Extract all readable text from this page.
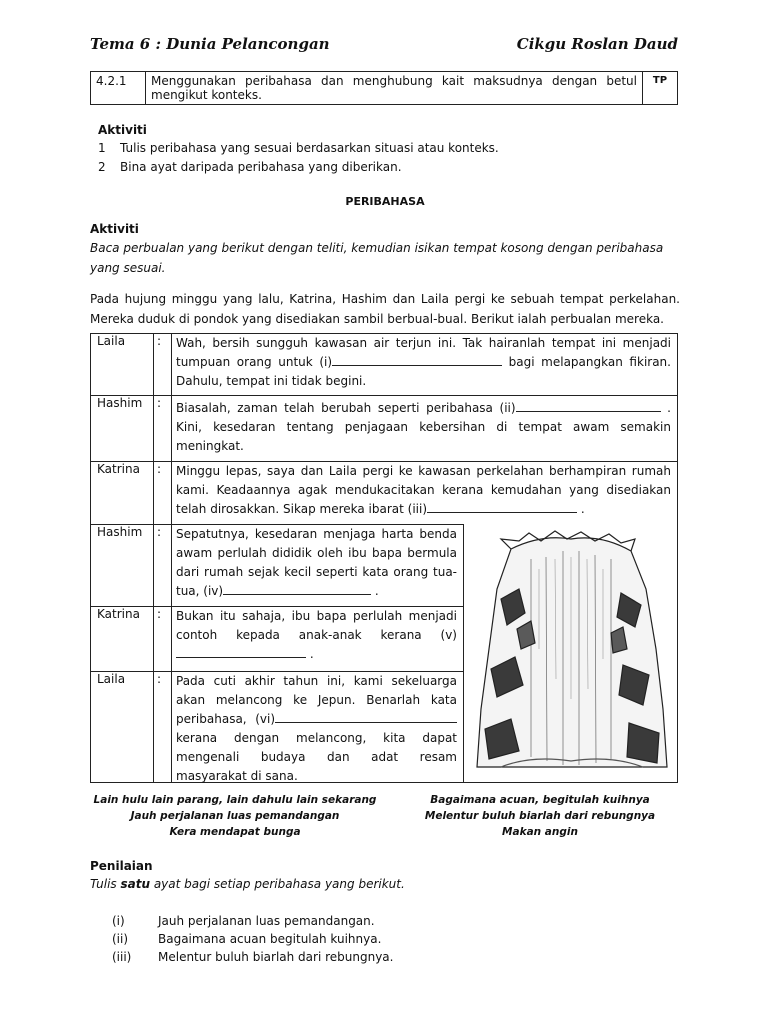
Tema 6 : Dunia Pelancongan	Cikgu Roslan Daud
4.2.1	Menggunakan peribahasa dan menghubung kait maksudnya dengan betul mengikut konteks.	TP
Aktiviti
1	Tulis peribahasa yang sesuai berdasarkan situasi atau konteks.
2	Bina ayat daripada peribahasa yang diberikan.
PERIBAHASA
Aktiviti
Baca perbualan yang berikut dengan teliti, kemudian isikan tempat kosong dengan peribahasa yang sesuai.
Pada hujung minggu yang lalu, Katrina, Hashim dan Laila pergi ke sebuah tempat perkelahan. Mereka duduk di pondok yang disediakan sambil berbual-bual. Berikut ialah perbualan mereka.
Laila	: Wah, bersih sungguh kawasan air terjun ini. Tak hairanlah tempat ini menjadi tumpuan orang untuk (i)	bagi melapangkan fikiran. Dahulu, tempat ini tidak begini.
Hashim : Biasalah, zaman telah berubah seperti peribahasa (ii)	. Kini, kesedaran tentang penjagaan kebersihan di tempat awam semakin meningkat.
Katrina : Minggu lepas, saya dan Laila pergi ke kawasan perkelahan berhampiran rumah kami. Keadaannya agak mendukacitakan kerana kemudahan yang disediakan telah dirosakkan. Sikap mereka ibarat (iii)	.
Hashim : Sepatutnya, kesedaran menjaga harta benda awam perlulah dididik oleh ibu bapa bermula dari rumah sejak kecil seperti kata orang tua-tua, (iv)	.
Katrina : Bukan itu sahaja, ibu bapa perlulah menjadi contoh kepada anak-anak kerana (v) .
Laila	: Pada cuti akhir tahun ini, kami sekeluarga akan melancong ke Jepun. Benarlah kata peribahasa, (vi) kerana dengan melancong, kita dapat mengenali budaya dan adat resam masyarakat di sana.
Lain hulu lain parang, lain dahulu lain sekarang
Jauh perjalanan luas pemandangan
Kera mendapat bunga
Bagaimana acuan, begitulah kuihnya
Melentur buluh biarlah dari rebungnya
Makan angin
Penilaian
Tulis satu ayat bagi setiap peribahasa yang berikut.
(i)	Jauh perjalanan luas pemandangan.
(ii)	Bagaimana acuan begitulah kuihnya.
(iii)	Melentur buluh biarlah dari rebungnya.
